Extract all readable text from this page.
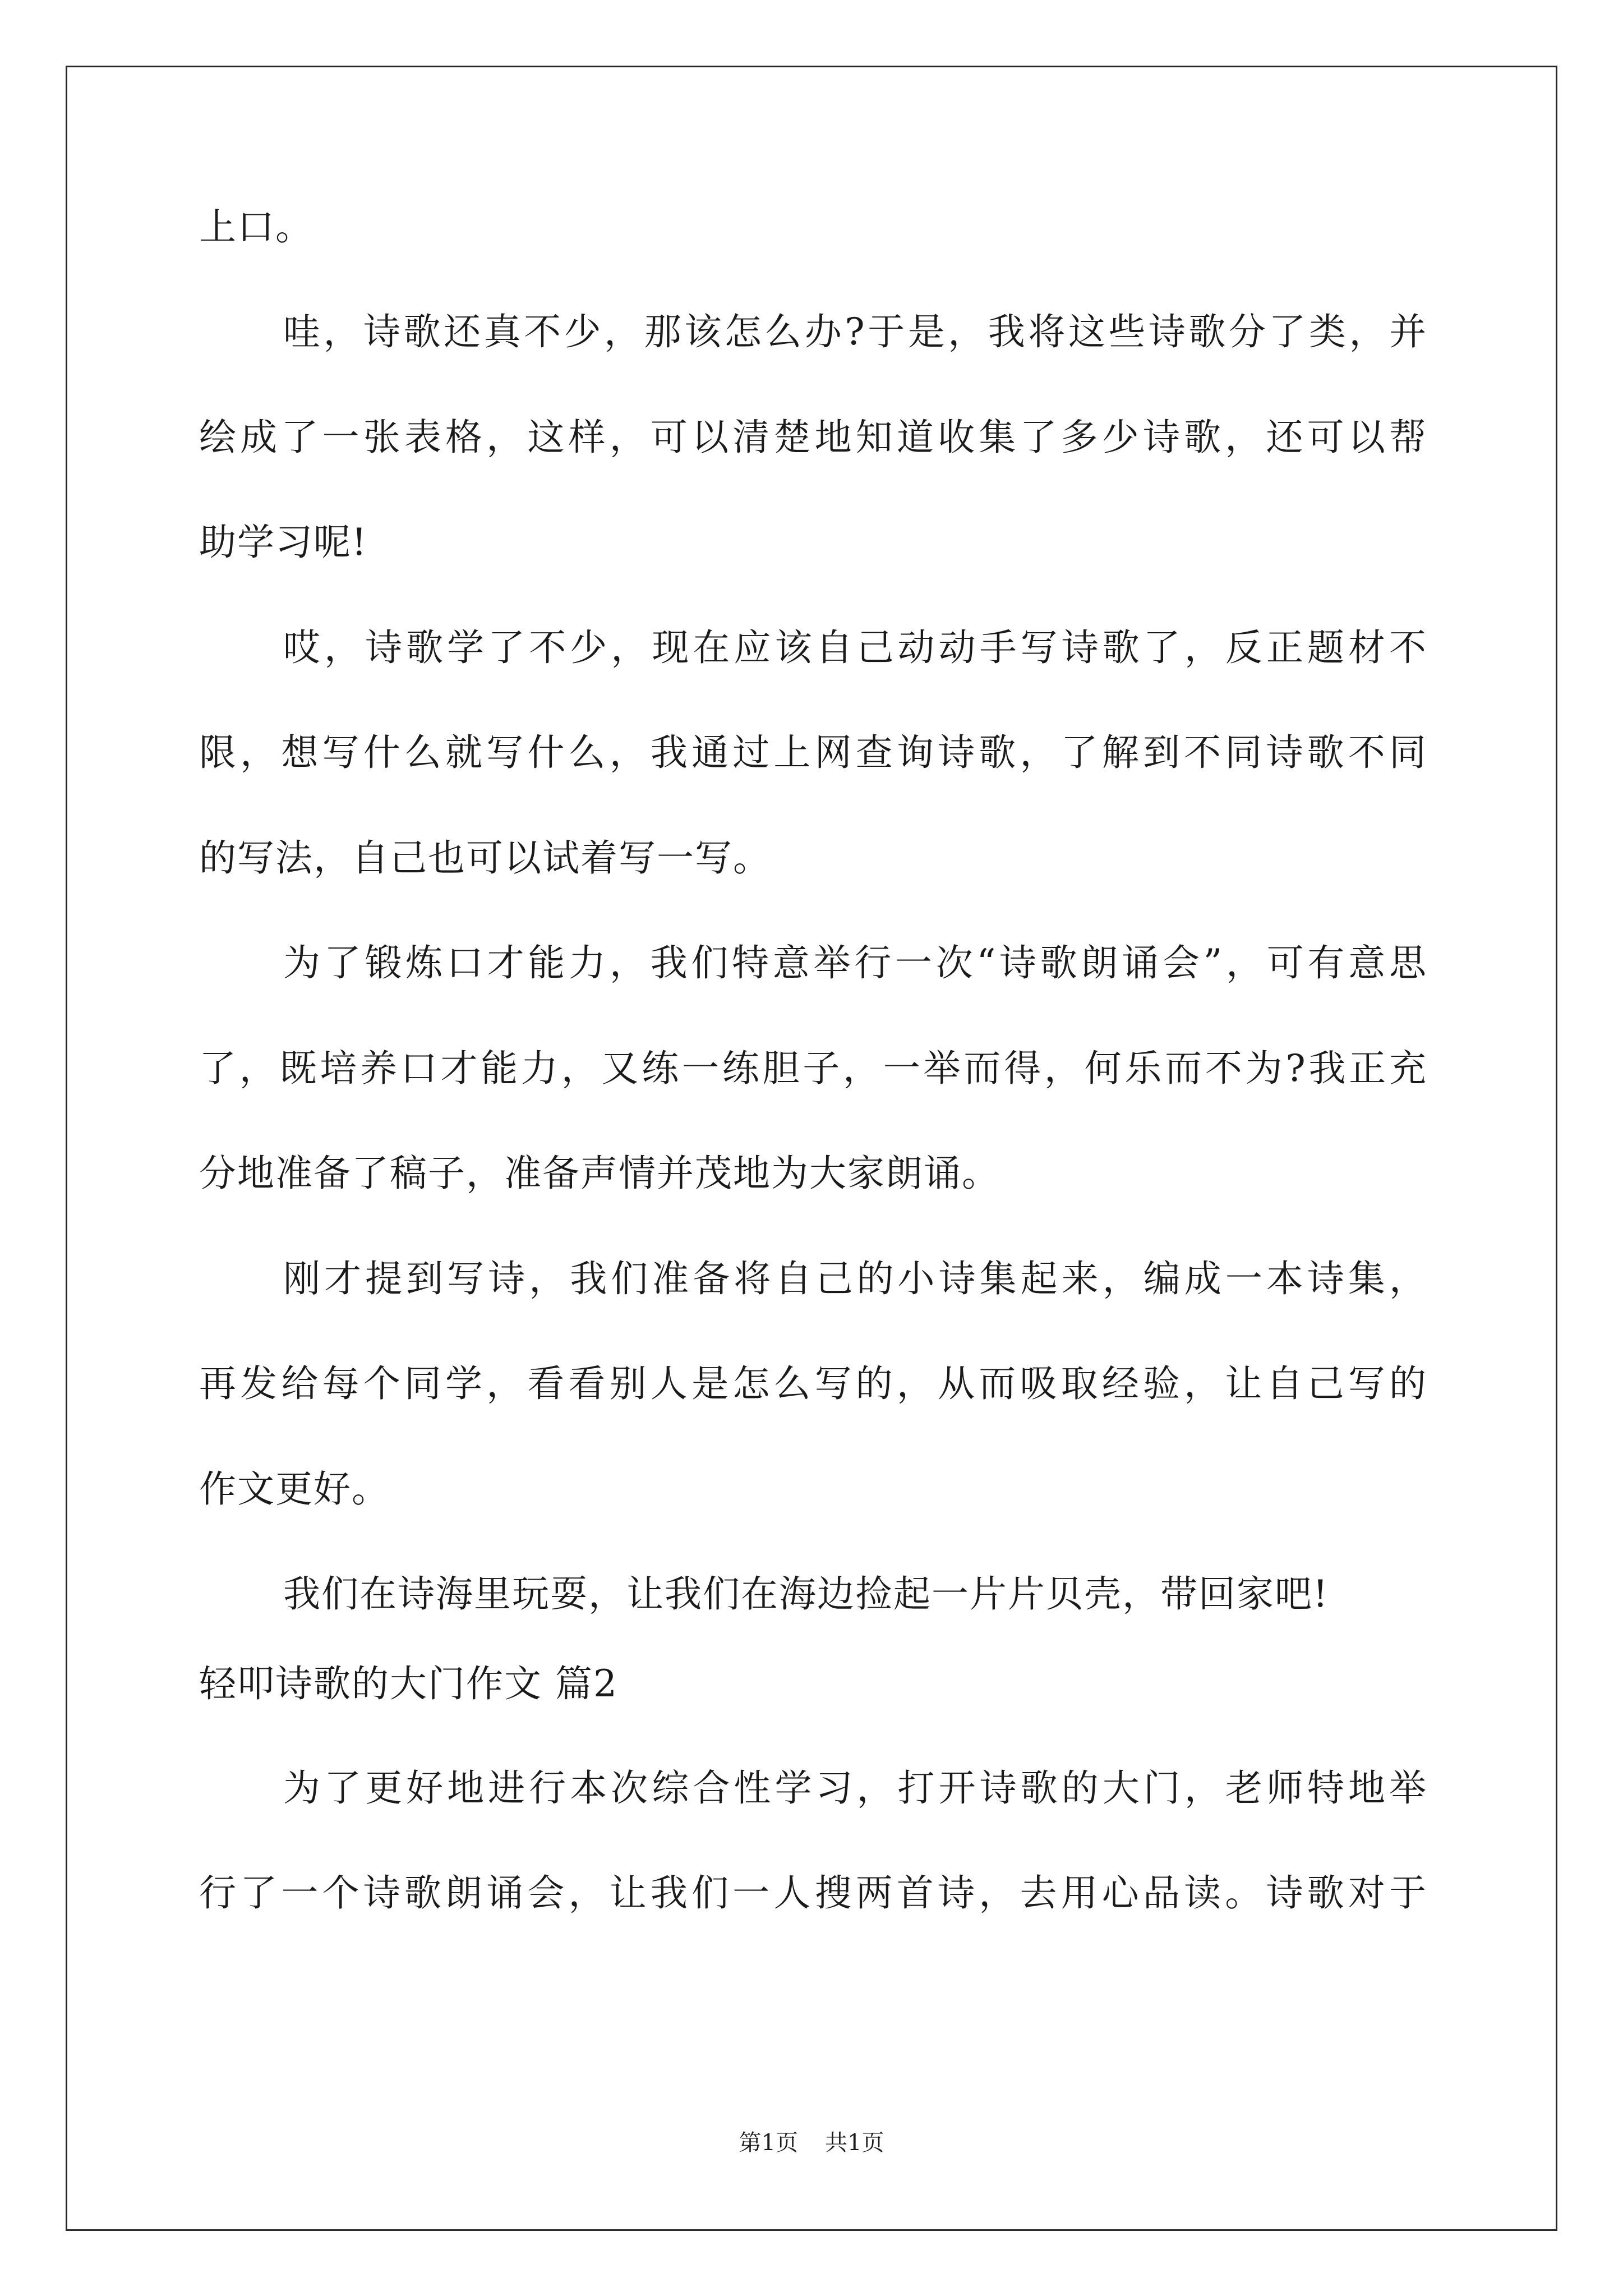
上口。
哇，诗歌还真不少，那该怎么办?于是，我将这些诗歌分了类，并
绘成了一张表格，这样，可以清楚地知道收集了多少诗歌，还可以帮
助学习呢!
哎，诗歌学了不少，现在应该自己动动手写诗歌了，反正题材不
限，想写什么就写什么，我通过上网查询诗歌，了解到不同诗歌不同
的写法，自己也可以试着写一写。
为了锻炼口才能力，我们特意举行一次“诗歌朗诵会”，可有意思
了，既培养口才能力，又练一练胆子，一举而得，何乐而不为?我正充
分地准备了稿子，准备声情并茂地为大家朗诵。
刚才提到写诗，我们准备将自己的小诗集起来，编成一本诗集，
再发给每个同学，看看别人是怎么写的，从而吸取经验，让自己写的
作文更好。
我们在诗海里玩耍，让我们在海边捡起一片片贝壳，带回家吧!
轻叩诗歌的大门作文 篇2
为了更好地进行本次综合性学习，打开诗歌的大门，老师特地举
行了一个诗歌朗诵会，让我们一人搜两首诗，去用心品读。诗歌对于
第1页 共1页
